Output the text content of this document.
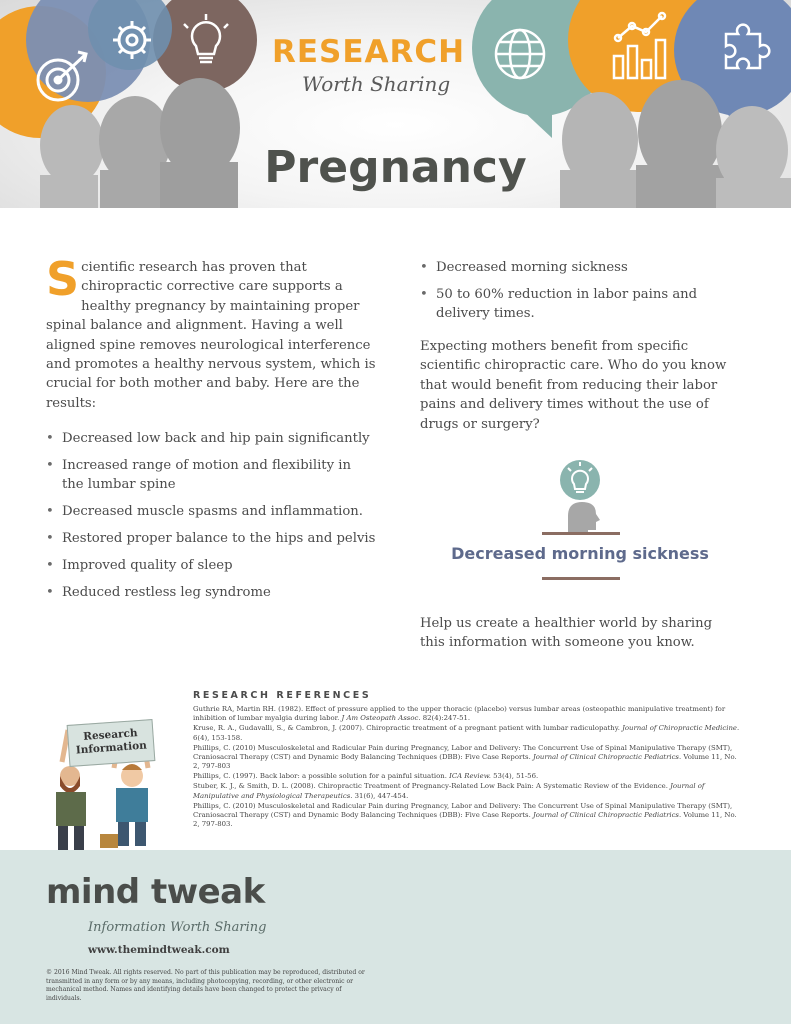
RESEARCH
Worth Sharing
Pregnancy

Scientific research has proven that chiropractic corrective care supports a healthy pregnancy by maintaining proper spinal balance and alignment. Having a well aligned spine removes neurological interference and promotes a healthy nervous system, which is crucial for both mother and baby. Here are the results:

• Decreased low back and hip pain significantly
• Increased range of motion and flexibility in the lumbar spine
• Decreased muscle spasms and inflammation.
• Restored proper balance to the hips and pelvis
• Improved quality of sleep
• Reduced restless leg syndrome
• Decreased morning sickness
• 50 to 60% reduction in labor pains and delivery times.

Expecting mothers benefit from specific scientific chiropractic care. Who do you know that would benefit from reducing their labor pains and delivery times without the use of drugs or surgery?

Decreased morning sickness

Help us create a healthier world by sharing this information with someone you know.

Research
Information
RESEARCH REFERENCES

Guthrie RA, Martin RH. (1982). Effect of pressure applied to the upper thoracic (placebo) versus lumbar areas (osteopathic manipulative treatment) for inhibition of lumbar myalgia during labor. J Am Osteopath Assoc. 82(4):247-51.

Kruse, R. A., Gudavalli, S., & Cambron, J. (2007). Chiropractic treatment of a pregnant patient with lumbar radiculopathy. Journal of Chiropractic Medicine. 6(4), 153-158.

Phillips, C. (2010) Musculoskeletal and Radicular Pain during Pregnancy, Labor and Delivery: The Concurrent Use of Spinal Manipulative Therapy (SMT), Craniosacral Therapy (CST) and Dynamic Body Balancing Techniques (DBB): Five Case Reports. Journal of Clinical Chiropractic Pediatrics. Volume 11, No. 2, 797-803

Phillips, C. (1997). Back labor: a possible solution for a painful situation. ICA Review. 53(4), 51-56.

Stuber, K. J., & Smith, D. L. (2008). Chiropractic Treatment of Pregnancy-Related Low Back Pain: A Systematic Review of the Evidence. Journal of Manipulative and Physiological Therapeutics. 31(6), 447-454.

Phillips, C. (2010) Musculoskeletal and Radicular Pain during Pregnancy, Labor and Delivery: The Concurrent Use of Spinal Manipulative Therapy (SMT), Craniosacral Therapy (CST) and Dynamic Body Balancing Techniques (DBB): Five Case Reports. Journal of Clinical Chiropractic Pediatrics. Volume 11, No. 2, 797-803.

mind tweak
Information Worth Sharing
www.themindtweak.com

© 2016 Mind Tweak. All rights reserved. No part of this publication may be reproduced, distributed or transmitted in any form or by any means, including photocopying, recording, or other electronic or mechanical method. Names and identifying details have been changed to protect the privacy of individuals.
